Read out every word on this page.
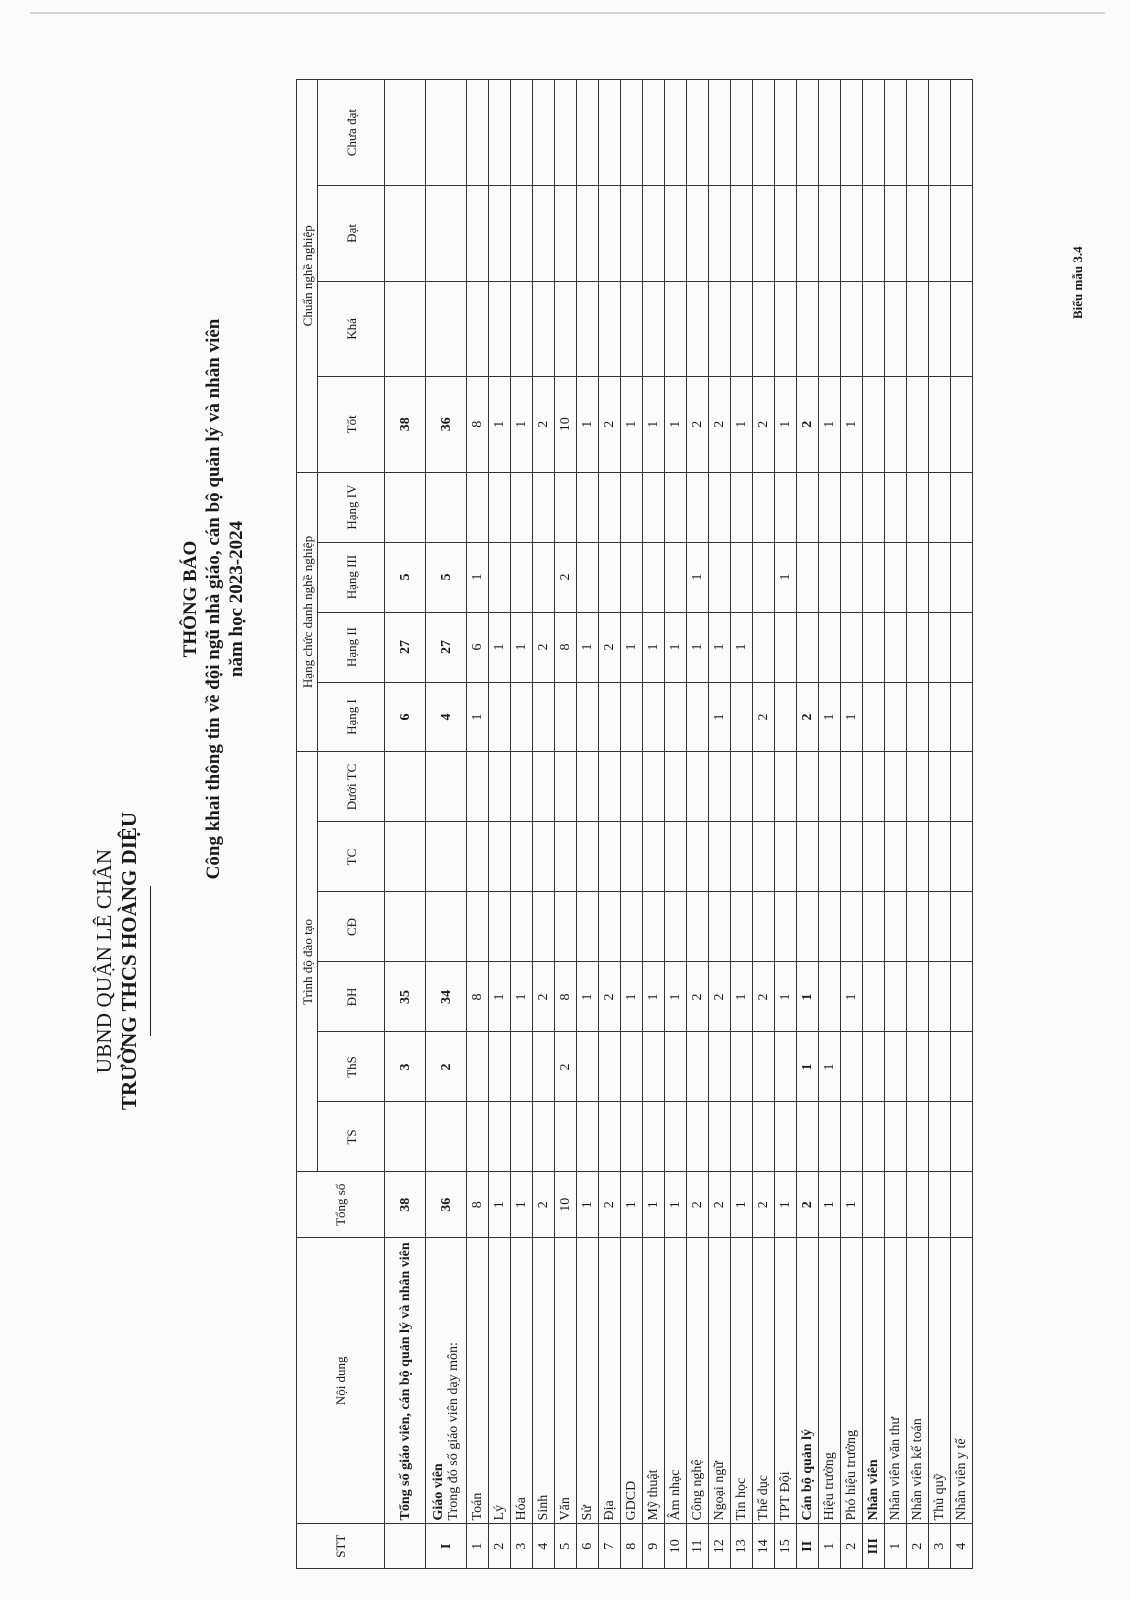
UBND QUẬN LÊ CHÂN TRƯỜNG THCS HOÀNG DIỆU
Biểu mẫu 3.4
THÔNG BÁO Công khai thông tin về đội ngũ nhà giáo, cán bộ quản lý và nhân viên năm học 2023-2024
STT	Nội dung	Tổng số	Trình độ đào tạo						Hạng chức danh nghề nghiệp				Chuẩn nghề nghiệp			
			TS	ThS	ĐH	CĐ	TC	Dưới TC	Hạng I	Hạng II	Hạng III	Hạng IV	Tốt	Khá	Đạt	Chưa đạt
	Tổng số giáo viên, cán bộ quản lý và nhân viên	38		3	35				6	27	5		38			
I	Giáo viên Trong đó số giáo viên dạy môn:	36		2	34				4	27	5		36			
1	Toán	8			8				1	6	1		8			
2	Lý	1			1					1			1			
3	Hóa	1			1					1			1			
4	Sinh	2			2					2			2			
5	Văn	10		2	8					8	2		10			
6	Sử	1			1					1			1			
7	Địa	2			2					2			2			
8	GDCD	1			1					1			1			
9	Mỹ thuật	1			1					1			1			
10	Âm nhạc	1			1					1			1			
11	Công nghệ	2			2					1	1		2			
12	Ngoại ngữ	2			2				1	1			2			
13	Tin học	1			1					1			1			
14	Thể dục	2			2				2				2			
15	TPT Đội	1			1						1		1			
II	Cán bộ quản lý	2		1	1				2				2			
1	Hiệu trưởng	1		1					1				1			
2	Phó hiệu trưởng	1			1				1				1			
III	Nhân viên															
1	Nhân viên văn thư															
2	Nhân viên kế toán															
3	Thủ quỹ															
4	Nhân viên y tế															
